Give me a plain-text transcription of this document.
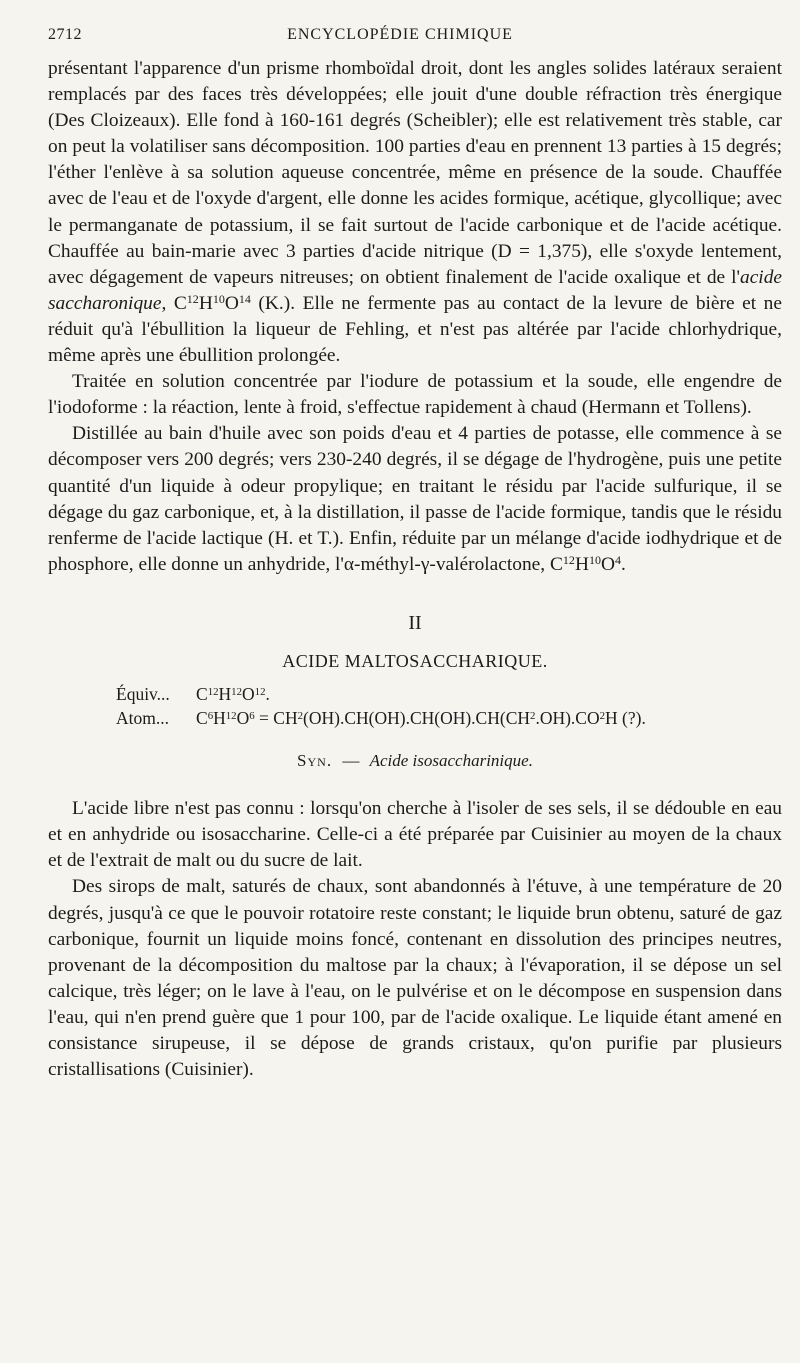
2712	ENCYCLOPÉDIE CHIMIQUE

présentant l'apparence d'un prisme rhomboïdal droit, dont les angles solides latéraux seraient remplacés par des faces très développées; elle jouit d'une double réfraction très énergique (Des Cloizeaux). Elle fond à 160-161 degrés (Scheibler); elle est relativement très stable, car on peut la volatiliser sans décomposition. 100 parties d'eau en prennent 13 parties à 15 degrés; l'éther l'enlève à sa solution aqueuse concentrée, même en présence de la soude. Chauffée avec de l'eau et de l'oxyde d'argent, elle donne les acides formique, acétique, glycollique; avec le permanganate de potassium, il se fait surtout de l'acide carbonique et de l'acide acétique. Chauffée au bain-marie avec 3 parties d'acide nitrique (D = 1,375), elle s'oxyde lentement, avec dégagement de vapeurs nitreuses; on obtient finalement de l'acide oxalique et de l'acide saccharonique, $C^{12}H^{10}O^{14}$ (K.). Elle ne fermente pas au contact de la levure de bière et ne réduit qu'à l'ébullition la liqueur de Fehling, et n'est pas altérée par l'acide chlorhydrique, même après une ébullition prolongée.

Traitée en solution concentrée par l'iodure de potassium et la soude, elle engendre de l'iodoforme : la réaction, lente à froid, s'effectue rapidement à chaud (Hermann et Tollens).

Distillée au bain d'huile avec son poids d'eau et 4 parties de potasse, elle commence à se décomposer vers 200 degrés; vers 230-240 degrés, il se dégage de l'hydrogène, puis une petite quantité d'un liquide à odeur propylique; en traitant le résidu par l'acide sulfurique, il se dégage du gaz carbonique, et, à la distillation, il passe de l'acide formique, tandis que le résidu renferme de l'acide lactique (H. et T.). Enfin, réduite par un mélange d'acide iodhydrique et de phosphore, elle donne un anhydride, l'α-méthyl-γ-valérolactone, $C^{12}H^{10}O^4$.

II
ACIDE MALTOSACCHARIQUE.
Équiv...	$C^{12}H^{12}O^{12}$.
Atom...	$C^6H^{12}O^6 = CH^2(OH).CH(OH).CH(OH).CH(CH^2.OH).CO^2H$ (?).
Syn. — Acide isosaccharinique.

L'acide libre n'est pas connu : lorsqu'on cherche à l'isoler de ses sels, il se dédouble en eau et en anhydride ou isosaccharine. Celle-ci a été préparée par Cuisinier au moyen de la chaux et de l'extrait de malt ou du sucre de lait.

Des sirops de malt, saturés de chaux, sont abandonnés à l'étuve, à une température de 20 degrés, jusqu'à ce que le pouvoir rotatoire reste constant; le liquide brun obtenu, saturé de gaz carbonique, fournit un liquide moins foncé, contenant en dissolution des principes neutres, provenant de la décomposition du maltose par la chaux; à l'évaporation, il se dépose un sel calcique, très léger; on le lave à l'eau, on le pulvérise et on le décompose en suspension dans l'eau, qui n'en prend guère que 1 pour 100, par de l'acide oxalique. Le liquide étant amené en consistance sirupeuse, il se dépose de grands cristaux, qu'on purifie par plusieurs cristallisations (Cuisinier).
